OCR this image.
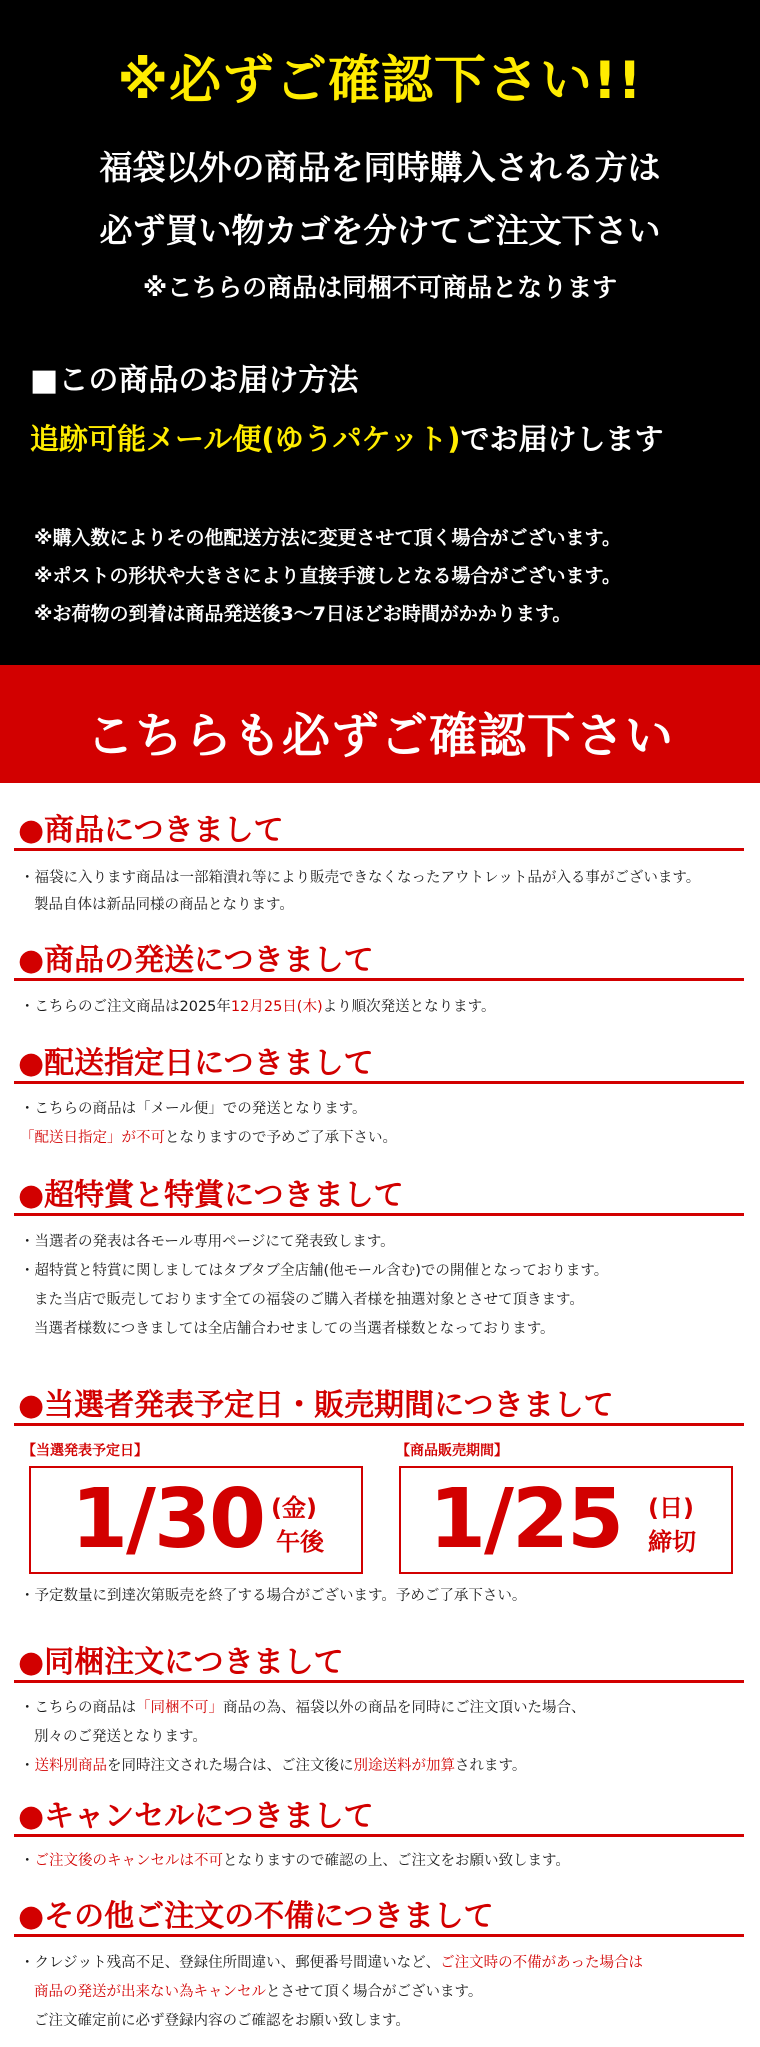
※必ずご確認下さい!!
福袋以外の商品を同時購入される方は
必ず買い物カゴを分けてご注文下さい
※こちらの商品は同梱不可商品となります
■この商品のお届け方法
追跡可能メール便(ゆうパケット)でお届けします
※購入数によりその他配送方法に変更させて頂く場合がございます。
※ポストの形状や大きさにより直接手渡しとなる場合がございます。
※お荷物の到着は商品発送後3〜7日ほどお時間がかかります。
こちらも必ずご確認下さい
●商品につきまして
・福袋に入ります商品は一部箱潰れ等により販売できなくなったアウトレット品が入る事がございます。
製品自体は新品同様の商品となります。
●商品の発送につきまして
・こちらのご注文商品は2025年12月25日(木)より順次発送となります。
●配送指定日につきまして
・こちらの商品は「メール便」での発送となります。
「配送日指定」が不可となりますので予めご了承下さい。
●超特賞と特賞につきまして
・当選者の発表は各モール専用ページにて発表致します。
・超特賞と特賞に関しましてはタブタブ全店舗(他モール含む)での開催となっております。
また当店で販売しております全ての福袋のご購入者様を抽選対象とさせて頂きます。
当選者様数につきましては全店舗合わせましての当選者様数となっております。
●当選者発表予定日・販売期間につきまして
【当選発表予定日】
1/30 (金)
午後
【商品販売期間】
1/25 (日)
締切
・予定数量に到達次第販売を終了する場合がございます。予めご了承下さい。
●同梱注文につきまして
・こちらの商品は「同梱不可」商品の為、福袋以外の商品を同時にご注文頂いた場合、
別々のご発送となります。
・送料別商品を同時注文された場合は、ご注文後に別途送料が加算されます。
●キャンセルにつきまして
・ご注文後のキャンセルは不可となりますので確認の上、ご注文をお願い致します。
●その他ご注文の不備につきまして
・クレジット残高不足、登録住所間違い、郵便番号間違いなど、ご注文時の不備があった場合は
商品の発送が出来ない為キャンセルとさせて頂く場合がございます。
ご注文確定前に必ず登録内容のご確認をお願い致します。
